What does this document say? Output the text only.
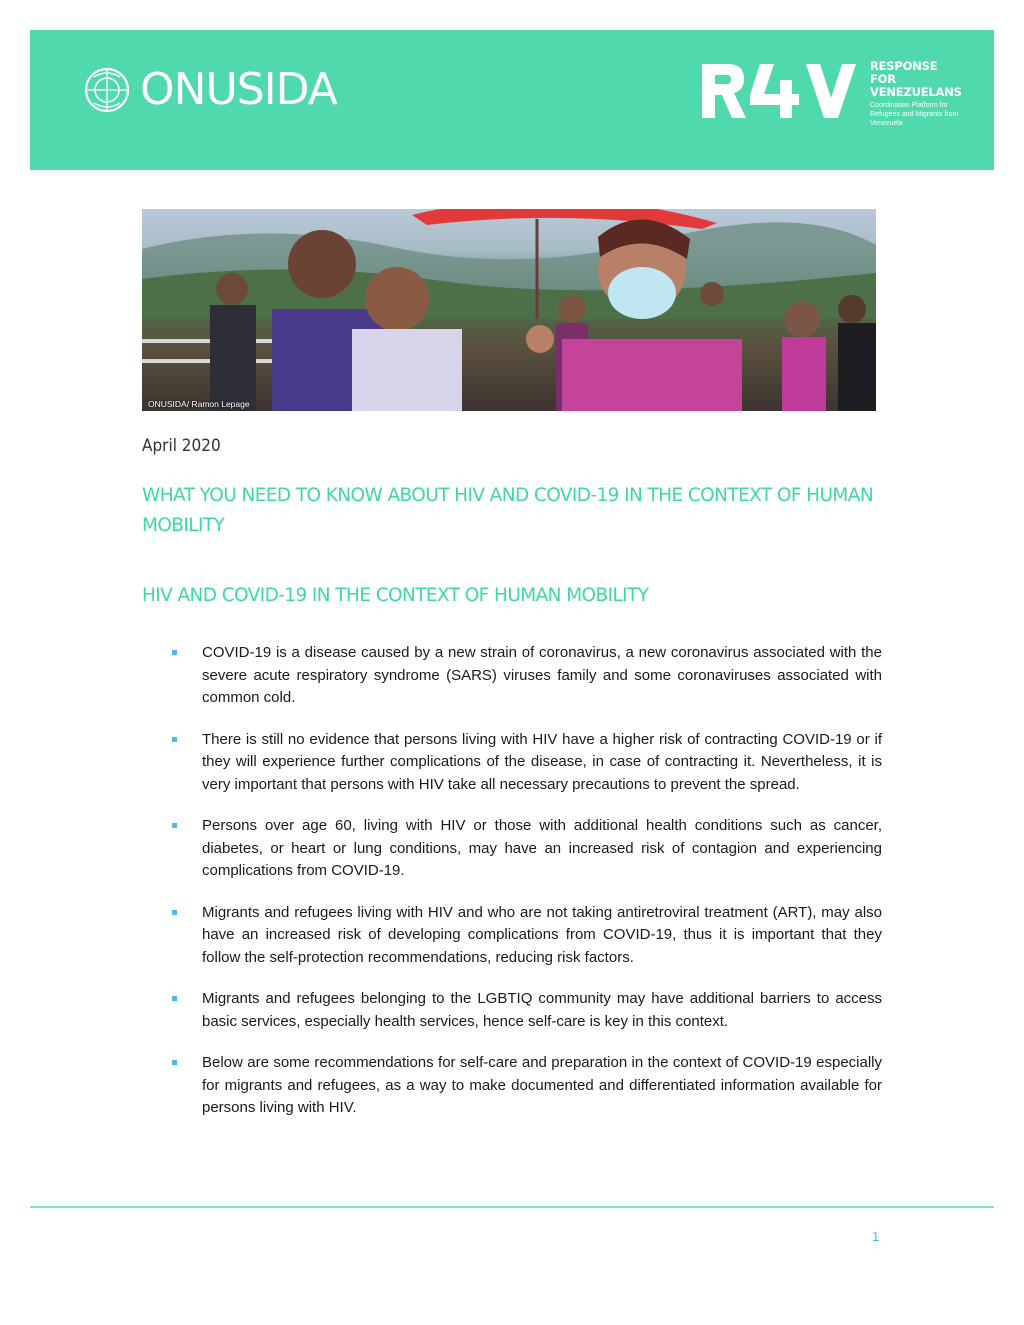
ONUSIDA	RESPONSE FOR VENEZUELANS
Coordination Platform for Refugees and Migrants from Venezuela
ONUSIDA/ Ramon Lepage
April 2020
WHAT YOU NEED TO KNOW ABOUT HIV AND COVID-19 IN THE CONTEXT OF HUMAN MOBILITY
HIV AND COVID-19 IN THE CONTEXT OF HUMAN MOBILITY
COVID-19 is a disease caused by a new strain of coronavirus, a new coronavirus associated with the severe acute respiratory syndrome (SARS) viruses family and some coronaviruses associated with common cold.
There is still no evidence that persons living with HIV have a higher risk of contracting COVID-19 or if they will experience further complications of the disease, in case of contracting it. Nevertheless, it is very important that persons with HIV take all necessary precautions to prevent the spread.
Persons over age 60, living with HIV or those with additional health conditions such as cancer, diabetes, or heart or lung conditions, may have an increased risk of contagion and experiencing complications from COVID-19.
Migrants and refugees living with HIV and who are not taking antiretroviral treatment (ART), may also have an increased risk of developing complications from COVID-19, thus it is important that they follow the self-protection recommendations, reducing risk factors.
Migrants and refugees belonging to the LGBTIQ community may have additional barriers to access basic services, especially health services, hence self-care is key in this context.
Below are some recommendations for self-care and preparation in the context of COVID-19 especially for migrants and refugees, as a way to make documented and differentiated information available for persons living with HIV.
1
